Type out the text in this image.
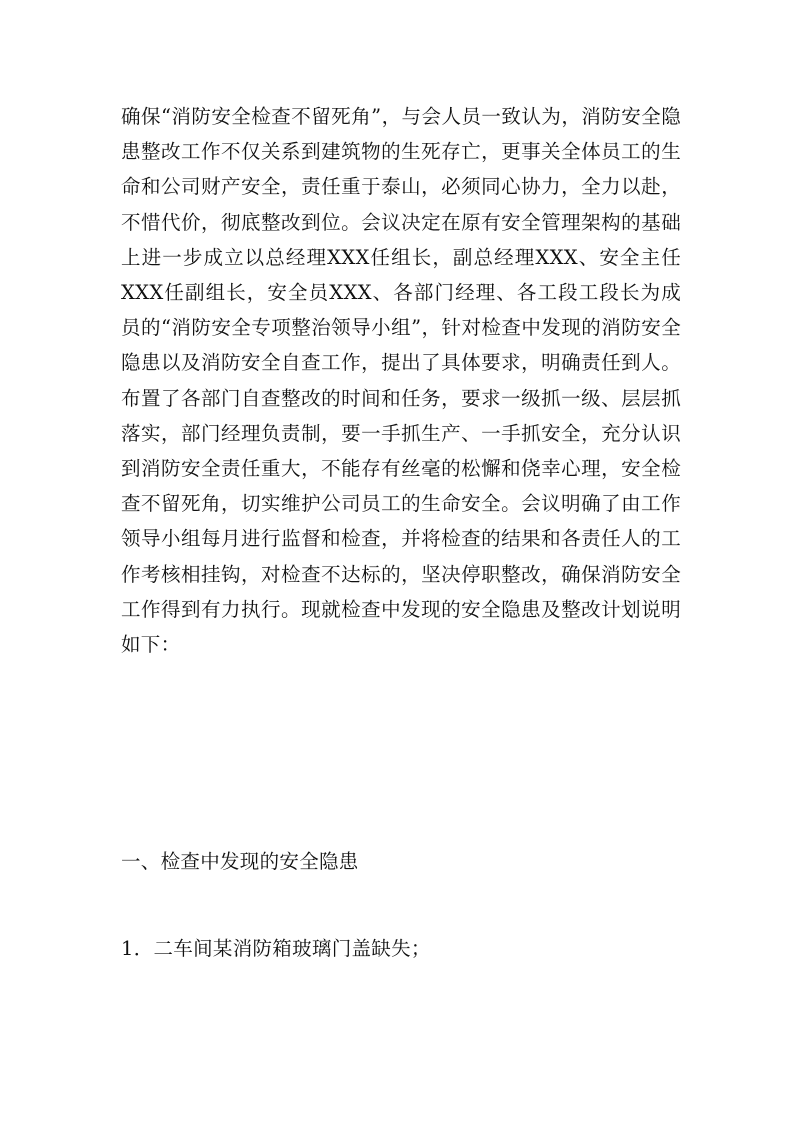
确保“消防安全检查不留死角”，与会人员一致认为，消防安全隐患整改工作不仅关系到建筑物的生死存亡，更事关全体员工的生命和公司财产安全，责任重于泰山，必须同心协力，全力以赴，不惜代价，彻底整改到位。会议决定在原有安全管理架构的基础上进一步成立以总经理XXX任组长，副总经理XXX、安全主任XXX任副组长，安全员XXX、各部门经理、各工段工段长为成员的“消防安全专项整治领导小组”，针对检查中发现的消防安全隐患以及消防安全自查工作，提出了具体要求，明确责任到人。布置了各部门自查整改的时间和任务，要求一级抓一级、层层抓落实，部门经理负责制，要一手抓生产、一手抓安全，充分认识到消防安全责任重大，不能存有丝毫的松懈和侥幸心理，安全检查不留死角，切实维护公司员工的生命安全。会议明确了由工作领导小组每月进行监督和检查，并将检查的结果和各责任人的工作考核相挂钩，对检查不达标的，坚决停职整改，确保消防安全工作得到有力执行。现就检查中发现的安全隐患及整改计划说明如下：

一、检查中发现的安全隐患

1．二车间某消防箱玻璃门盖缺失；
